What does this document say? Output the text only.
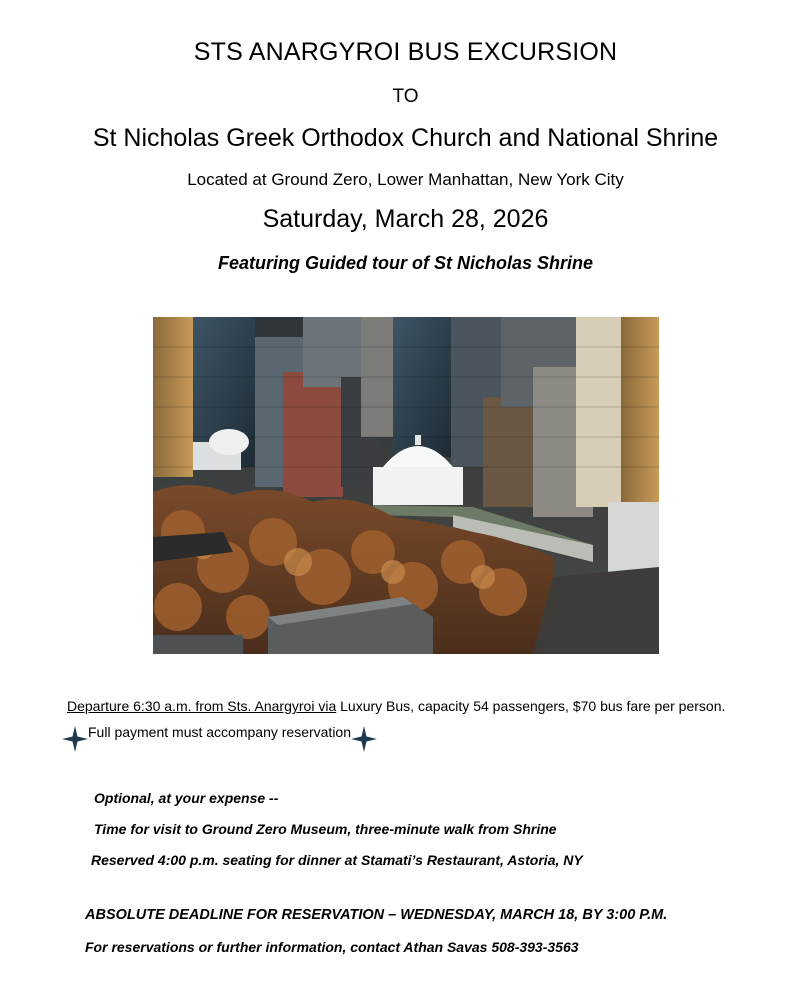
STS ANARGYROI BUS EXCURSION
TO
St Nicholas Greek Orthodox Church and National Shrine
Located at Ground Zero, Lower Manhattan, New York City
Saturday, March 28, 2026
Featuring Guided tour of St Nicholas Shrine
Departure 6:30 a.m. from Sts. Anargyroi via Luxury Bus, capacity 54 passengers, $70 bus fare per person.
Full payment must accompany reservation
Optional, at your expense --
Time for visit to Ground Zero Museum, three-minute walk from Shrine
Reserved 4:00 p.m. seating for dinner at Stamati’s Restaurant, Astoria, NY
ABSOLUTE DEADLINE FOR RESERVATION – WEDNESDAY, MARCH 18, BY 3:00 P.M.
For reservations or further information, contact Athan Savas 508-393-3563
